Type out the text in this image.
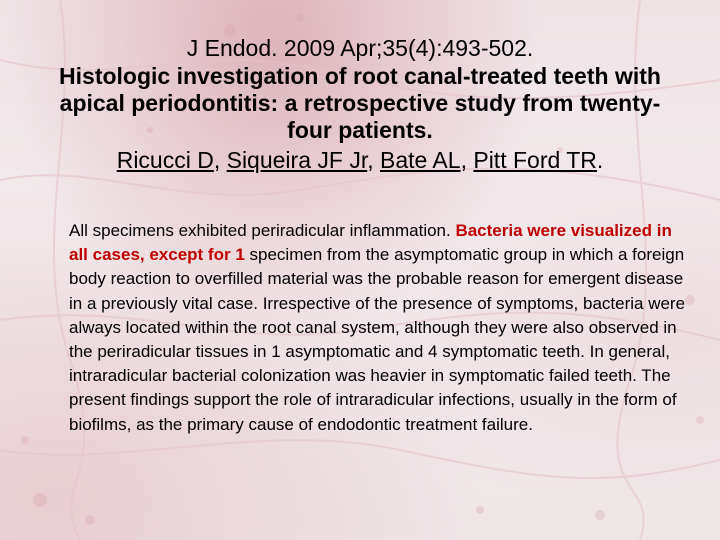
J Endod. 2009 Apr;35(4):493-502.
Histologic investigation of root canal-treated teeth with apical periodontitis: a retrospective study from twenty-four patients.
Ricucci D, Siqueira JF Jr, Bate AL, Pitt Ford TR.

All specimens exhibited periradicular inflammation. Bacteria were visualized in all cases, except for 1 specimen from the asymptomatic group in which a foreign body reaction to overfilled material was the probable reason for emergent disease in a previously vital case. Irrespective of the presence of symptoms, bacteria were always located within the root canal system, although they were also observed in the periradicular tissues in 1 asymptomatic and 4 symptomatic teeth. In general, intraradicular bacterial colonization was heavier in symptomatic failed teeth. The present findings support the role of intraradicular infections, usually in the form of biofilms, as the primary cause of endodontic treatment failure.
